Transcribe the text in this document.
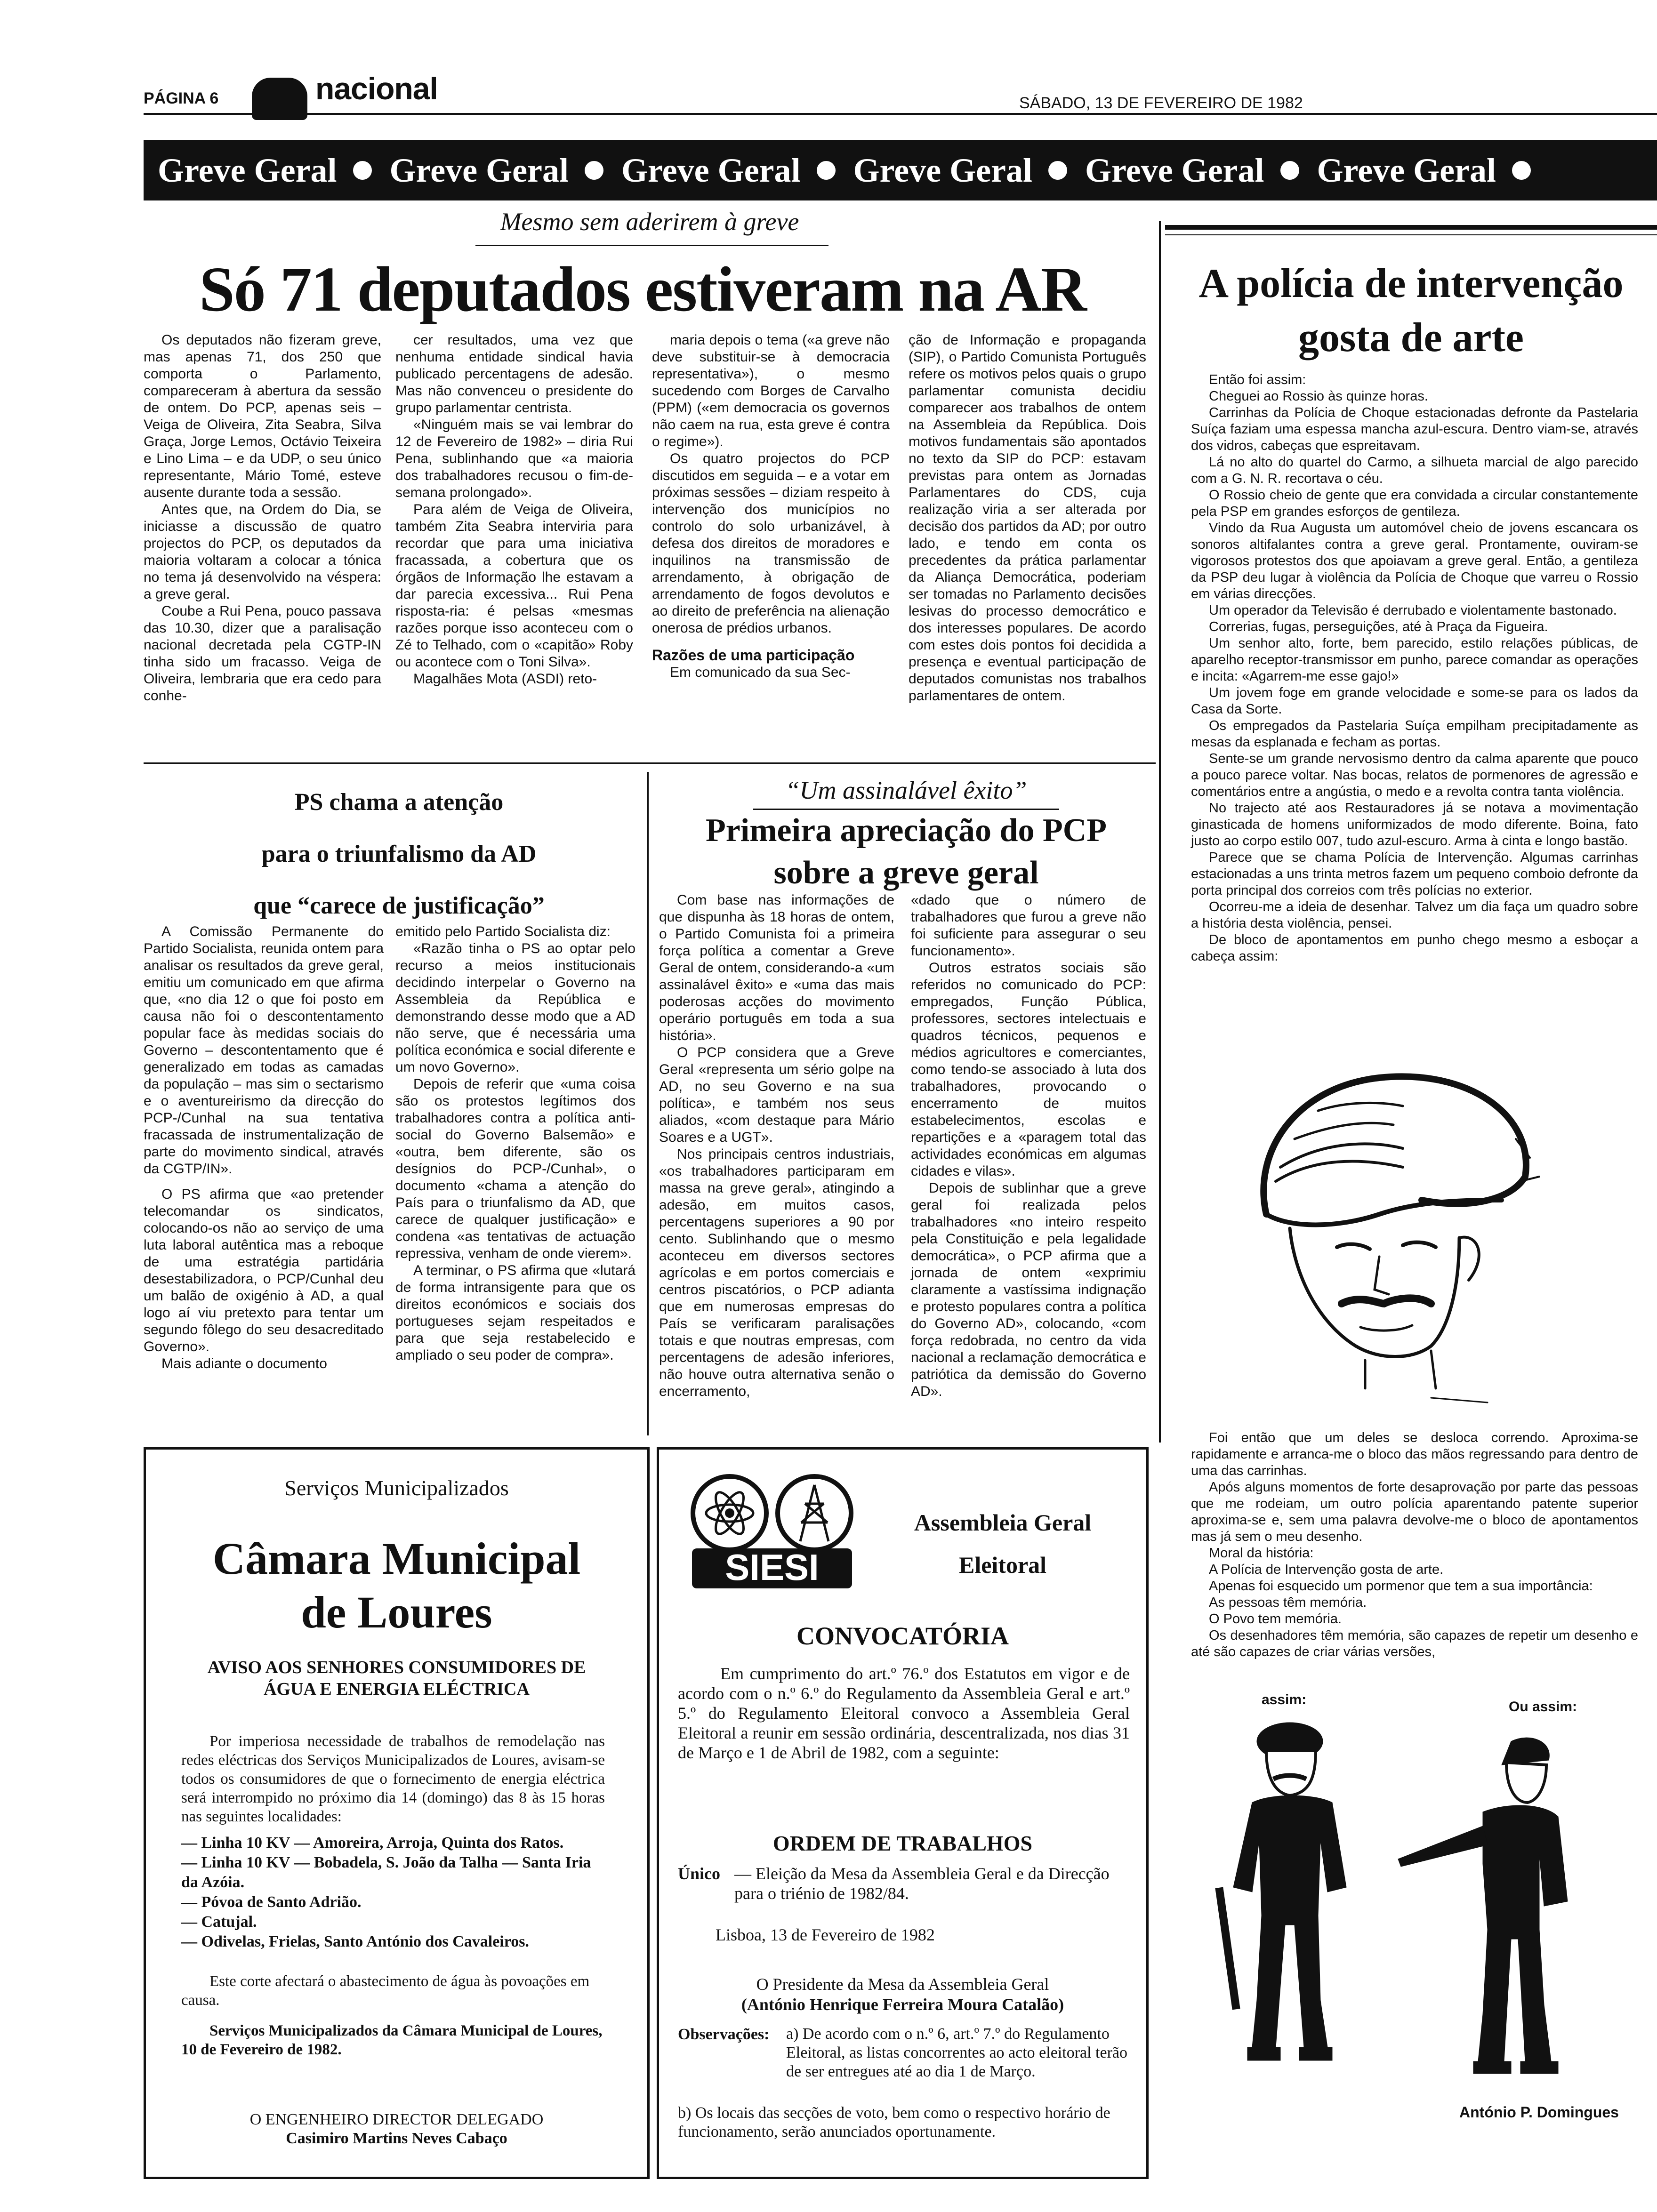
PÁGINA 6	nacional	SÁBADO, 13 DE FEVEREIRO DE 1982
Greve Geral Greve Geral Greve Geral Greve Geral Greve Geral Greve Geral
Mesmo sem aderirem à greve
Só 71 deputados estiveram na AR

Os deputados não fizeram greve, mas apenas 71, dos 250 que comporta o Parlamento, compareceram à abertura da sessão de ontem. Do PCP, apenas seis – Veiga de Oliveira, Zita Seabra, Silva Graça, Jorge Lemos, Octávio Teixeira e Lino Lima – e da UDP, o seu único representante, Mário Tomé, esteve ausente durante toda a sessão.

Antes que, na Ordem do Dia, se iniciasse a discussão de quatro projectos do PCP, os deputados da maioria voltaram a colocar a tónica no tema já desenvolvido na véspera: a greve geral.

Coube a Rui Pena, pouco passava das 10.30, dizer que a paralisação nacional decretada pela CGTP-IN tinha sido um fracasso. Veiga de Oliveira, lembraria que era cedo para conhe-

cer resultados, uma vez que nenhuma entidade sindical havia publicado percentagens de adesão. Mas não convenceu o presidente do grupo parlamentar centrista.

«Ninguém mais se vai lembrar do 12 de Fevereiro de 1982» – diria Rui Pena, sublinhando que «a maioria dos trabalhadores recusou o fim-de-semana prolongado».

Para além de Veiga de Oliveira, também Zita Seabra interviria para recordar que para uma iniciativa fracassada, a cobertura que os órgãos de Informação lhe estavam a dar parecia excessiva... Rui Pena risposta-ria: é pelsas «mesmas razões porque isso aconteceu com o Zé to Telhado, com o «capitão» Roby ou acontece com o Toni Silva».

Magalhães Mota (ASDI) reto-

maria depois o tema («a greve não deve substituir-se à democracia representativa»), o mesmo sucedendo com Borges de Carvalho (PPM) («em democracia os governos não caem na rua, esta greve é contra o regime»).

Os quatro projectos do PCP discutidos em seguida – e a votar em próximas sessões – diziam respeito à intervenção dos municípios no controlo do solo urbanizável, à defesa dos direitos de moradores e inquilinos na transmissão de arrendamento, à obrigação de arrendamento de fogos devolutos e ao direito de preferência na alienação onerosa de prédios urbanos.

Razões de uma participação

Em comunicado da sua Sec-

ção de Informação e propaganda (SIP), o Partido Comunista Português refere os motivos pelos quais o grupo parlamentar comunista decidiu comparecer aos trabalhos de ontem na Assembleia da República. Dois motivos fundamentais são apontados no texto da SIP do PCP: estavam previstas para ontem as Jornadas Parlamentares do CDS, cuja realização viria a ser alterada por decisão dos partidos da AD; por outro lado, e tendo em conta os precedentes da prática parlamentar da Aliança Democrática, poderiam ser tomadas no Parlamento decisões lesivas do processo democrático e dos interesses populares. De acordo com estes dois pontos foi decidida a presença e eventual participação de deputados comunistas nos trabalhos parlamentares de ontem.

PS chama a atenção
para o triunfalismo da AD
que “carece de justificação”

A Comissão Permanente do Partido Socialista, reunida ontem para analisar os resultados da greve geral, emitiu um comunicado em que afirma que, «no dia 12 o que foi posto em causa não foi o descontentamento popular face às medidas sociais do Governo – descontentamento que é generalizado em todas as camadas da população – mas sim o sectarismo e o aventureirismo da direcção do PCP-/Cunhal na sua tentativa fracassada de instrumentalização de parte do movimento sindical, através da CGTP/IN».

O PS afirma que «ao pretender telecomandar os sindicatos, colocando-os não ao serviço de uma luta laboral autêntica mas a reboque de uma estratégia partidária desestabilizadora, o PCP/Cunhal deu um balão de oxigénio à AD, a qual logo aí viu pretexto para tentar um segundo fôlego do seu desacreditado Governo».

Mais adiante o documento

emitido pelo Partido Socialista diz:

«Razão tinha o PS ao optar pelo recurso a meios institucionais decidindo interpelar o Governo na Assembleia da República e demonstrando desse modo que a AD não serve, que é necessária uma política económica e social diferente e um novo Governo».

Depois de referir que «uma coisa são os protestos legítimos dos trabalhadores contra a política anti-social do Governo Balsemão» e «outra, bem diferente, são os desígnios do PCP-/Cunhal», o documento «chama a atenção do País para o triunfalismo da AD, que carece de qualquer justificação» e condena «as tentativas de actuação repressiva, venham de onde vierem».

A terminar, o PS afirma que «lutará de forma intransigente para que os direitos económicos e sociais dos portugueses sejam respeitados e para que seja restabelecido e ampliado o seu poder de compra».

“Um assinalável êxito”
Primeira apreciação do PCP
sobre a greve geral

Com base nas informações de que dispunha às 18 horas de ontem, o Partido Comunista foi a primeira força política a comentar a Greve Geral de ontem, considerando-a «um assinalável êxito» e «uma das mais poderosas acções do movimento operário português em toda a sua história».

O PCP considera que a Greve Geral «representa um sério golpe na AD, no seu Governo e na sua política», e também nos seus aliados, «com destaque para Mário Soares e a UGT».

Nos principais centros industriais, «os trabalhadores participaram em massa na greve geral», atingindo a adesão, em muitos casos, percentagens superiores a 90 por cento. Sublinhando que o mesmo aconteceu em diversos sectores agrícolas e em portos comerciais e centros piscatórios, o PCP adianta que em numerosas empresas do País se verificaram paralisações totais e que noutras empresas, com percentagens de adesão inferiores, não houve outra alternativa senão o encerramento,

«dado que o número de trabalhadores que furou a greve não foi suficiente para assegurar o seu funcionamento».

Outros estratos sociais são referidos no comunicado do PCP: empregados, Função Pública, professores, sectores intelectuais e quadros técnicos, pequenos e médios agricultores e comerciantes, como tendo-se associado à luta dos trabalhadores, provocando o encerramento de muitos estabelecimentos, escolas e repartições e a «paragem total das actividades económicas em algumas cidades e vilas».

Depois de sublinhar que a greve geral foi realizada pelos trabalhadores «no inteiro respeito pela Constituição e pela legalidade democrática», o PCP afirma que a jornada de ontem «exprimiu claramente a vastíssima indignação e protesto populares contra a política do Governo AD», colocando, «com força redobrada, no centro da vida nacional a reclamação democrática e patriótica da demissão do Governo AD».

A polícia de intervenção
gosta de arte

Então foi assim:

Cheguei ao Rossio às quinze horas.

Carrinhas da Polícia de Choque estacionadas defronte da Pastelaria Suíça faziam uma espessa mancha azul-escura. Dentro viam-se, através dos vidros, cabeças que espreitavam.

Lá no alto do quartel do Carmo, a silhueta marcial de algo parecido com a G. N. R. recortava o céu.

O Rossio cheio de gente que era convidada a circular constantemente pela PSP em grandes esforços de gentileza.

Vindo da Rua Augusta um automóvel cheio de jovens escancara os sonoros altifalantes contra a greve geral. Prontamente, ouviram-se vigorosos protestos dos que apoiavam a greve geral. Então, a gentileza da PSP deu lugar à violência da Polícia de Choque que varreu o Rossio em várias direcções.

Um operador da Televisão é derrubado e violentamente bastonado.

Correrias, fugas, perseguições, até à Praça da Figueira.

Um senhor alto, forte, bem parecido, estilo relações públicas, de aparelho receptor-transmissor em punho, parece comandar as operações e incita: «Agarrem-me esse gajo!»

Um jovem foge em grande velocidade e some-se para os lados da Casa da Sorte.

Os empregados da Pastelaria Suíça empilham precipitadamente as mesas da esplanada e fecham as portas.

Sente-se um grande nervosismo dentro da calma aparente que pouco a pouco parece voltar. Nas bocas, relatos de pormenores de agressão e comentários entre a angústia, o medo e a revolta contra tanta violência.

No trajecto até aos Restauradores já se notava a movimentação ginasticada de homens uniformizados de modo diferente. Boina, fato justo ao corpo estilo 007, tudo azul-escuro. Arma à cinta e longo bastão.

Parece que se chama Polícia de Intervenção. Algumas carrinhas estacionadas a uns trinta metros fazem um pequeno comboio defronte da porta principal dos correios com três polícias no exterior.

Ocorreu-me a ideia de desenhar. Talvez um dia faça um quadro sobre a história desta violência, pensei.

De bloco de apontamentos em punho chego mesmo a esboçar a cabeça assim:

Foi então que um deles se desloca correndo. Aproxima-se rapidamente e arranca-me o bloco das mãos regressando para dentro de uma das carrinhas.

Após alguns momentos de forte desaprovação por parte das pessoas que me rodeiam, um outro polícia aparentando patente superior aproxima-se e, sem uma palavra devolve-me o bloco de apontamentos mas já sem o meu desenho.

Moral da história:

A Polícia de Intervenção gosta de arte.

Apenas foi esquecido um pormenor que tem a sua importância:

As pessoas têm memória.

O Povo tem memória.

Os desenhadores têm memória, são capazes de repetir um desenho e até são capazes de criar várias versões,

assim:	Ou assim:
António P. Domingues
Serviços Municipalizados
Câmara Municipal
de Loures
AVISO AOS SENHORES CONSUMIDORES DE
ÁGUA E ENERGIA ELÉCTRICA
Por imperiosa necessidade de trabalhos de remodelação nas redes eléctricas dos Serviços Municipalizados de Loures, avisam-se todos os consumidores de que o fornecimento de energia eléctrica será interrompido no próximo dia 14 (domingo) das 8 às 15 horas nas seguintes localidades:
— Linha 10 KV — Amoreira, Arroja, Quinta dos Ratos.
— Linha 10 KV — Bobadela, S. João da Talha — Santa Iria da Azóia.
— Póvoa de Santo Adrião.
— Catujal.
— Odivelas, Frielas, Santo António dos Cavaleiros.
Este corte afectará o abastecimento de água às povoações em causa.
Serviços Municipalizados da Câmara Municipal de Loures, 10 de Fevereiro de 1982.
O ENGENHEIRO DIRECTOR DELEGADO
Casimiro Martins Neves Cabaço
SIESI
Assembleia Geral
Eleitoral
CONVOCATÓRIA
Em cumprimento do art.º 76.º dos Estatutos em vigor e de acordo com o n.º 6.º do Regulamento da Assembleia Geral e art.º 5.º do Regulamento Eleitoral convoco a Assembleia Geral Eleitoral a reunir em sessão ordinária, descentralizada, nos dias 31 de Março e 1 de Abril de 1982, com a seguinte:
ORDEM DE TRABALHOS
Único — Eleição da Mesa da Assembleia Geral e da Direcção para o triénio de 1982/84.
Lisboa, 13 de Fevereiro de 1982
O Presidente da Mesa da Assembleia Geral
(António Henrique Ferreira Moura Catalão)
Observações: a) De acordo com o n.º 6, art.º 7.º do Regulamento Eleitoral, as listas concorrentes ao acto eleitoral terão de ser entregues até ao dia 1 de Março.
b) Os locais das secções de voto, bem como o respectivo horário de funcionamento, serão anunciados oportunamente.
